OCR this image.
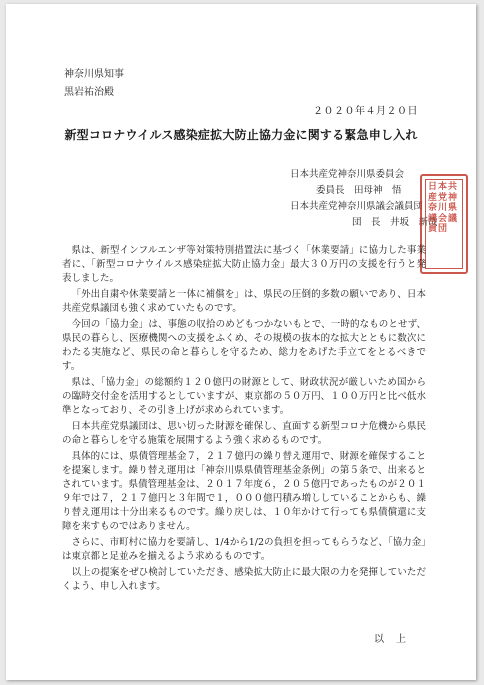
神奈川県知事
黒岩祐治殿
２０２０年４月２０日
新型コロナウイルス感染症拡大防止協力金に関する緊急申し入れ
日本共産党神奈川県委員会
委員長　田母神　悟
日本共産党神奈川県議会議員団
団　長　井坂　新哉
日本共産党神奈川県議会議員団

県は、新型インフルエンザ等対策特別措置法に基づく「休業要請」に協力した事業者に、「新型コロナウイルス感染症拡大防止協力金」最大３０万円の支援を行うと発表しました。

「外出自粛や休業要請と一体に補償を」は、県民の圧倒的多数の願いであり、日本共産党県議団も強く求めていたものです。

今回の「協力金」は、事態の収拾のめどもつかないもとで、一時的なものとせず、県民の暮らし、医療機関への支援をふくめ、その規模の抜本的な拡大とともに数次にわたる実施など、県民の命と暮らしを守るため、総力をあげた手立てをとるべきです。

県は、「協力金」の総額約１２０億円の財源として、財政状況が厳しいため国からの臨時交付金を活用するとしていますが、東京都の５０万円、１００万円と比べ低水準となっており、その引き上げが求められています。

日本共産党県議団は、思い切った財源を確保し、直面する新型コロナ危機から県民の命と暮らしを守る施策を展開するよう強く求めるものです。

具体的には、県債管理基金７，２１７億円の繰り替え運用で、財源を確保することを提案します。繰り替え運用は「神奈川県県債管理基金条例」の第５条で、出来るとされています。県債管理基金は、２０１７年度６，２０５億円であったものが２０１９年では７，２１７億円と３年間で１，０００億円積み増ししていることからも、繰り替え運用は十分出来るものです。繰り戻しは、１０年かけて行っても県債償還に支障を来すものではありません。

さらに、市町村に協力を要請し、1/4から1/2の負担を担ってもらうなど、「協力金」は東京都と足並みを揃えるよう求めるものです。

以上の提案をぜひ検討していただき、感染拡大防止に最大限の力を発揮していただくよう、申し入れます。

以上
